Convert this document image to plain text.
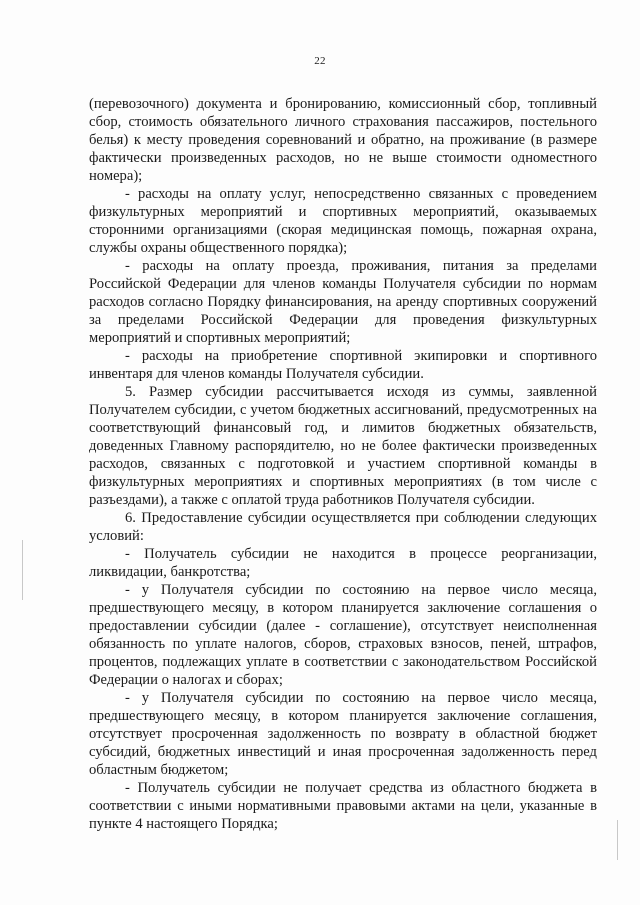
22

(перевозочного) документа и бронированию, комиссионный сбор, топливный сбор, стоимость обязательного личного страхования пассажиров, постельного белья) к месту проведения соревнований и обратно, на проживание (в размере фактически произведенных расходов, но не выше стоимости одноместного номера);

- расходы на оплату услуг, непосредственно связанных с проведением физкультурных мероприятий и спортивных мероприятий, оказываемых сторонними организациями (скорая медицинская помощь, пожарная охрана, службы охраны общественного порядка);

- расходы на оплату проезда, проживания, питания за пределами Российской Федерации для членов команды Получателя субсидии по нормам расходов согласно Порядку финансирования, на аренду спортивных сооружений за пределами Российской Федерации для проведения физкультурных мероприятий и спортивных мероприятий;

- расходы на приобретение спортивной экипировки и спортивного инвентаря для членов команды Получателя субсидии.

5. Размер субсидии рассчитывается исходя из суммы, заявленной Получателем субсидии, с учетом бюджетных ассигнований, предусмотренных на соответствующий финансовый год, и лимитов бюджетных обязательств, доведенных Главному распорядителю, но не более фактически произведенных расходов, связанных с подготовкой и участием спортивной команды в физкультурных мероприятиях и спортивных мероприятиях (в том числе с разъездами), а также с оплатой труда работников Получателя субсидии.

6. Предоставление субсидии осуществляется при соблюдении следующих условий:

- Получатель субсидии не находится в процессе реорганизации, ликвидации, банкротства;

- у Получателя субсидии по состоянию на первое число месяца, предшествующего месяцу, в котором планируется заключение соглашения о предоставлении субсидии (далее - соглашение), отсутствует неисполненная обязанность по уплате налогов, сборов, страховых взносов, пеней, штрафов, процентов, подлежащих уплате в соответствии с законодательством Российской Федерации о налогах и сборах;

- у Получателя субсидии по состоянию на первое число месяца, предшествующего месяцу, в котором планируется заключение соглашения, отсутствует просроченная задолженность по возврату в областной бюджет субсидий, бюджетных инвестиций и иная просроченная задолженность перед областным бюджетом;

- Получатель субсидии не получает средства из областного бюджета в соответствии с иными нормативными правовыми актами на цели, указанные в пункте 4 настоящего Порядка;
